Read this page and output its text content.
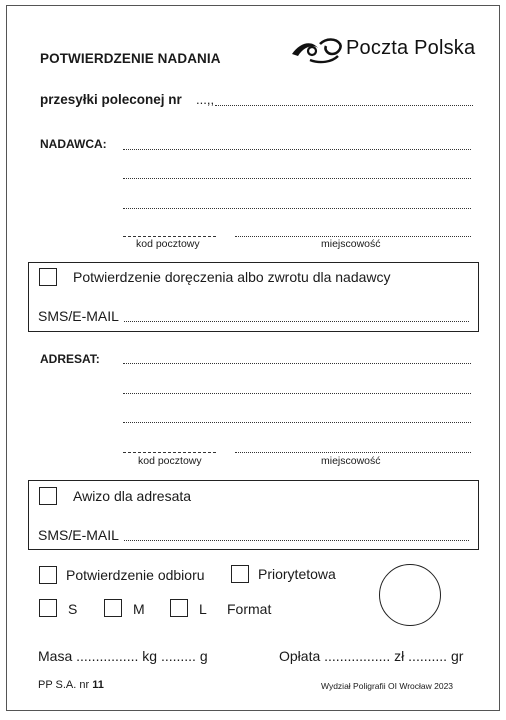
POTWIERDZENIE NADANIA	Poczta Polska
przesyłki poleconej nr ...,,
NADAWCA:
kod pocztowy	miejscowość
Potwierdzenie doręczenia albo zwrotu dla nadawcy
SMS/E-MAIL
ADRESAT:
kod pocztowy	miejscowość
Awizo dla adresata
SMS/E-MAIL
Potwierdzenie odbioru	Priorytetowa
S	M	L Format
Masa ................ kg ......... g	Opłata ................. zł .......... gr
PP S.A. nr 11	Wydział Poligrafii OI Wrocław 2023
